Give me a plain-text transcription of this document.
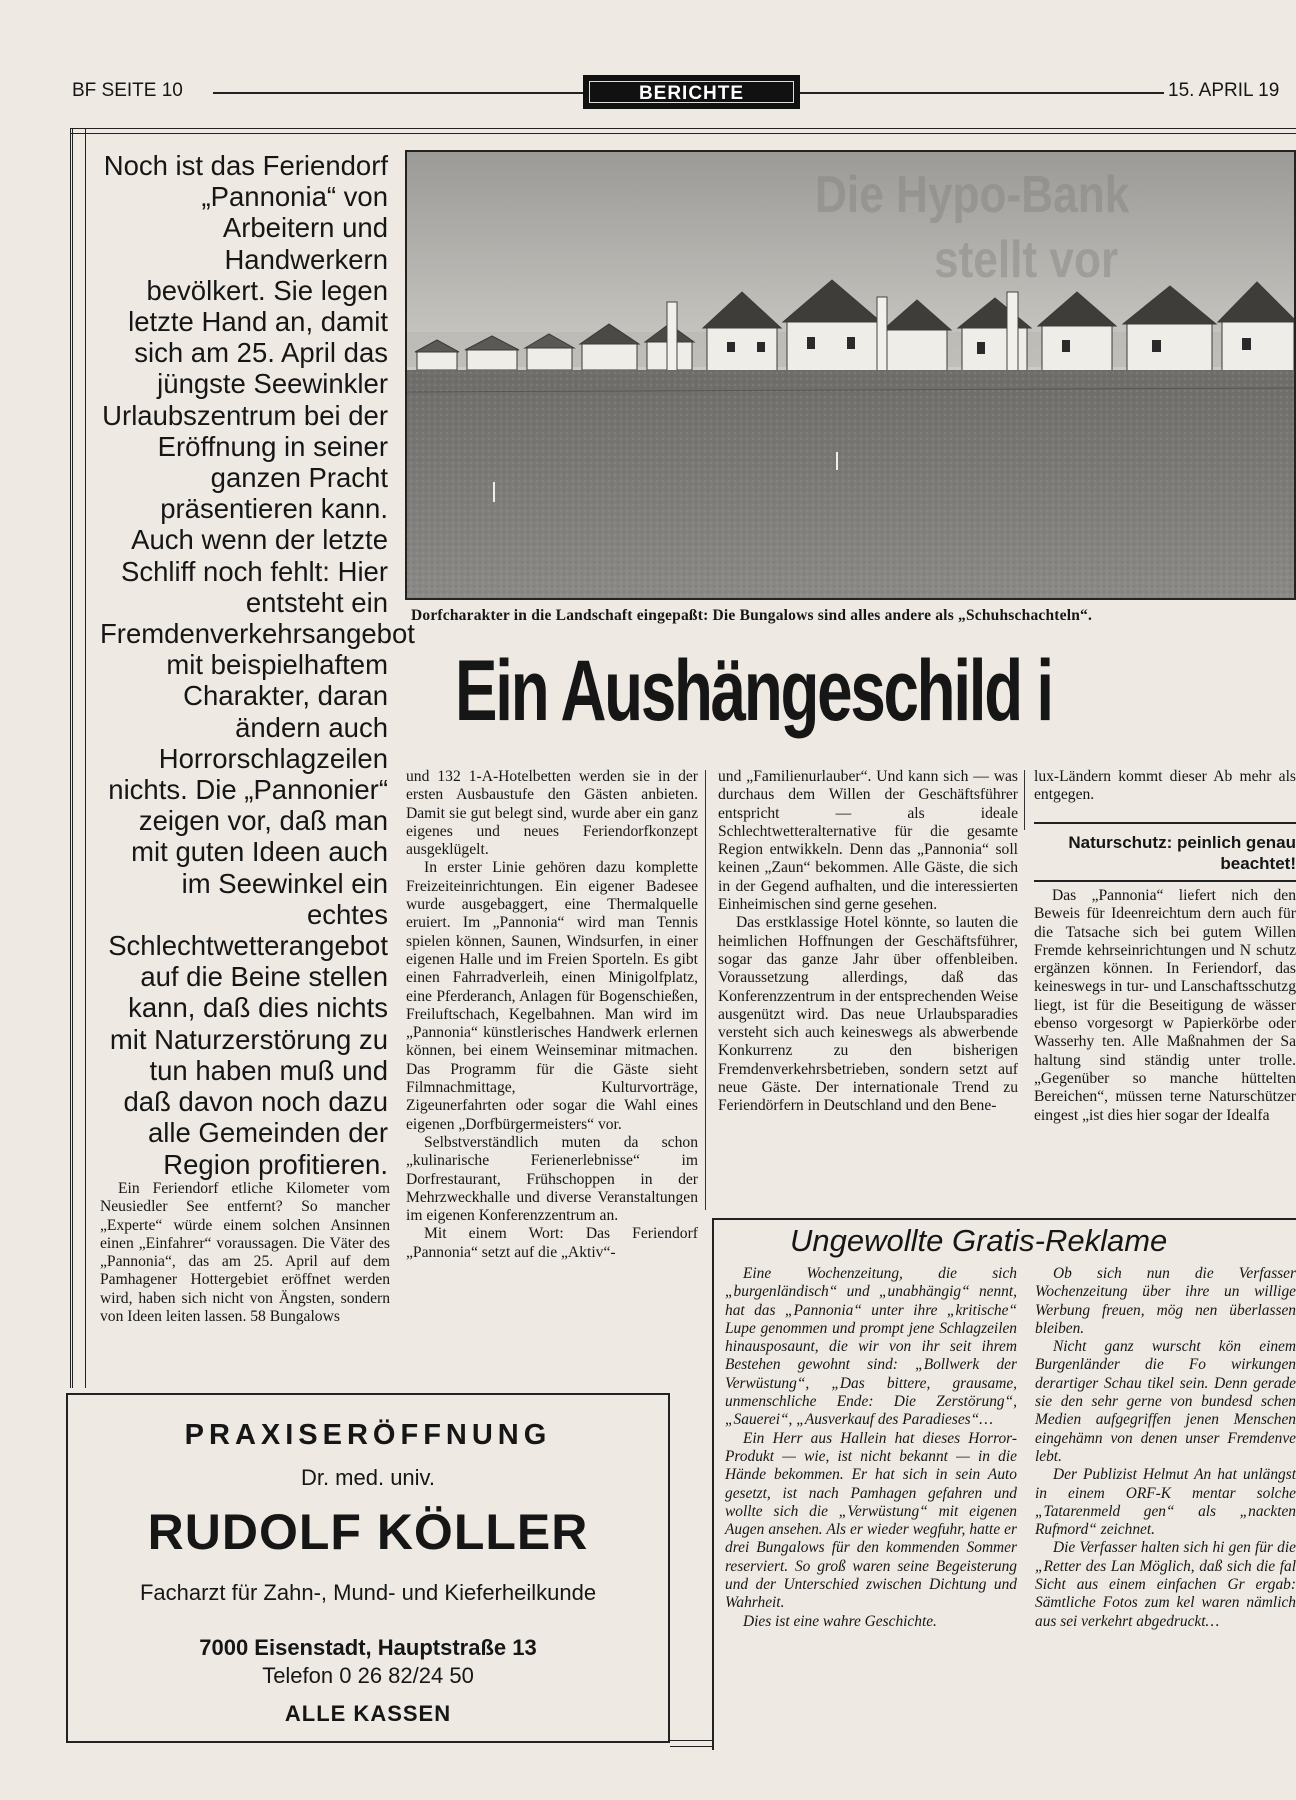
BF SEITE 10	BERICHTE	15. APRIL 19
Noch ist das Feriendorf „Pannonia“ von Arbeitern und Handwerkern bevölkert. Sie legen letzte Hand an, damit sich am 25. April das jüngste Seewinkler Urlaubszentrum bei der Eröffnung in seiner ganzen Pracht präsentieren kann. Auch wenn der letzte Schliff noch fehlt: Hier entsteht ein Fremdenverkehrsangebot mit beispielhaftem Charakter, daran ändern auch Horrorschlagzeilen nichts. Die „Pannonier“ zeigen vor, daß man mit guten Ideen auch im Seewinkel ein echtes Schlechtwetterangebot auf die Beine stellen kann, daß dies nichts mit Naturzerstörung zu tun haben muß und daß davon noch dazu alle Gemeinden der Region profitieren.
Die Hypo-Bank
stellt vor
Dorfcharakter in die Landschaft eingepaßt: Die Bungalows sind alles andere als „Schuhschachteln“.
Ein Aushängeschild i

Ein Feriendorf etliche Kilometer vom Neusiedler See entfernt? So mancher „Experte“ würde einem solchen Ansinnen einen „Einfahrer“ voraussagen. Die Väter des „Pannonia“, das am 25. April auf dem Pamhagener Hottergebiet eröffnet werden wird, haben sich nicht von Ängsten, sondern von Ideen leiten lassen. 58 Bungalows

und 132 1-A-Hotelbetten werden sie in der ersten Ausbaustufe den Gästen anbieten. Damit sie gut belegt sind, wurde aber ein ganz eigenes und neues Feriendorfkonzept ausgeklügelt.

In erster Linie gehören dazu komplette Freizeiteinrichtungen. Ein eigener Badesee wurde ausgebaggert, eine Thermalquelle eruiert. Im „Pannonia“ wird man Tennis spielen können, Saunen, Windsurfen, in einer eigenen Halle und im Freien Sporteln. Es gibt einen Fahrradverleih, einen Minigolfplatz, eine Pferderanch, Anlagen für Bogenschießen, Freiluftschach, Kegelbahnen. Man wird im „Pannonia“ künstlerisches Handwerk erlernen können, bei einem Weinseminar mitmachen. Das Programm für die Gäste sieht Filmnachmittage, Kulturvorträge, Zigeunerfahrten oder sogar die Wahl eines eigenen „Dorfbürgermeisters“ vor.

Selbstverständlich muten da schon „kulinarische Ferienerlebnisse“ im Dorfrestaurant, Frühschoppen in der Mehrzweckhalle und diverse Veranstaltungen im eigenen Konferenzzentrum an.

Mit einem Wort: Das Feriendorf „Pannonia“ setzt auf die „Aktiv“-

und „Familienurlauber“. Und kann sich — was durchaus dem Willen der Geschäftsführer entspricht — als ideale Schlechtwetteralternative für die gesamte Region entwikkeln. Denn das „Pannonia“ soll keinen „Zaun“ bekommen. Alle Gäste, die sich in der Gegend aufhalten, und die interessierten Einheimischen sind gerne gesehen.

Das erstklassige Hotel könnte, so lauten die heimlichen Hoffnungen der Geschäftsführer, sogar das ganze Jahr über offenbleiben. Voraussetzung allerdings, daß das Konferenzzentrum in der entsprechenden Weise ausgenützt wird. Das neue Urlaubsparadies versteht sich auch keineswegs als abwerbende Konkurrenz zu den bisherigen Fremdenverkehrsbetrieben, sondern setzt auf neue Gäste. Der internationale Trend zu Feriendörfern in Deutschland und den Bene-

lux-Ländern kommt dieser Ab mehr als entgegen.

Naturschutz: peinlich genau beachtet!

Das „Pannonia“ liefert nich den Beweis für Ideenreichtum dern auch für die Tatsache sich bei gutem Willen Fremde kehrseinrichtungen und N schutz ergänzen können. In Feriendorf, das keineswegs in tur- und Lanschaftsschutzg liegt, ist für die Beseitigung de wässer ebenso vorgesorgt w Papierkörbe oder Wasserhy ten. Alle Maßnahmen der Sa haltung sind ständig unter trolle. „Gegenüber so manche hüttelten Bereichen“, müssen terne Naturschützer eingest „ist dies hier sogar der Idealfa

Ungewollte Gratis-Reklame

Eine Wochenzeitung, die sich „burgenländisch“ und „unabhängig“ nennt, hat das „Pannonia“ unter ihre „kritische“ Lupe genommen und prompt jene Schlagzeilen hinausposaunt, die wir von ihr seit ihrem Bestehen gewohnt sind: „Bollwerk der Verwüstung“, „Das bittere, grausame, unmenschliche Ende: Die Zerstörung“, „Sauerei“, „Ausverkauf des Paradieses“…

Ein Herr aus Hallein hat dieses Horror-Produkt — wie, ist nicht bekannt — in die Hände bekommen. Er hat sich in sein Auto gesetzt, ist nach Pamhagen gefahren und wollte sich die „Verwüstung“ mit eigenen Augen ansehen. Als er wieder wegfuhr, hatte er drei Bungalows für den kommenden Sommer reserviert. So groß waren seine Begeisterung und der Unterschied zwischen Dichtung und Wahrheit.

Dies ist eine wahre Geschichte.

Ob sich nun die Verfasser Wochenzeitung über ihre un willige Werbung freuen, mög nen überlassen bleiben.

Nicht ganz wurscht kön einem Burgenländer die Fo wirkungen derartiger Schau tikel sein. Denn gerade sie den sehr gerne von bundesd schen Medien aufgegriffen jenen Menschen eingehämn von denen unser Fremdenve lebt.

Der Publizist Helmut An hat unlängst in einem ORF-K mentar solche „Tatarenmeld gen“ als „nackten Rufmord“ zeichnet.

Die Verfasser halten sich hi gen für die „Retter des Lan Möglich, daß sich die fal Sicht aus einem einfachen Gr ergab: Sämtliche Fotos zum kel waren nämlich aus sei verkehrt abgedruckt…

PRAXISERÖFFNUNG
Dr. med. univ.
RUDOLF KÖLLER
Facharzt für Zahn-, Mund- und Kieferheilkunde
7000 Eisenstadt, Hauptstraße 13
Telefon 0 26 82/24 50
ALLE KASSEN
